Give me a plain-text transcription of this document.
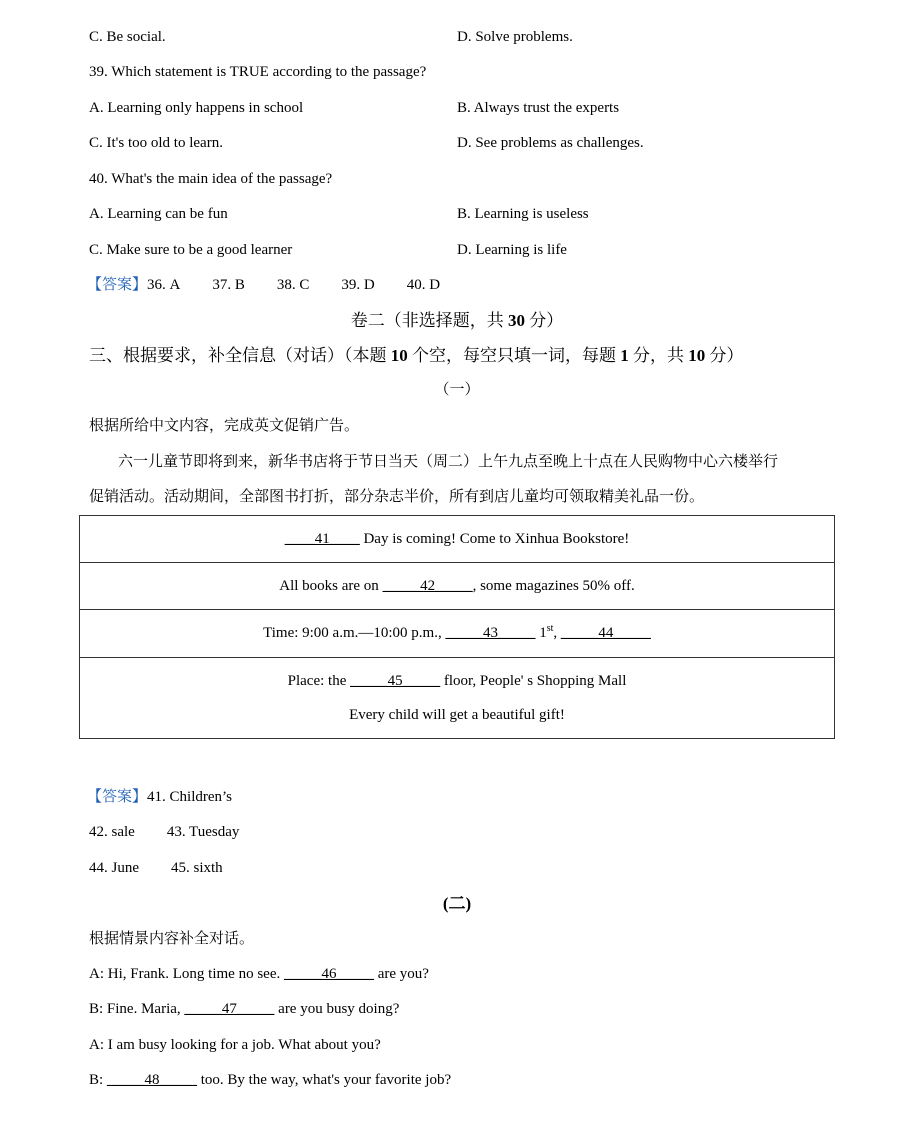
C. Be social.	D. Solve problems.
39. Which statement is TRUE according to the passage?
A. Learning only happens in school	B. Always trust the experts
C. It's too old to learn.	D. See problems as challenges.
40. What's the main idea of the passage?
A. Learning can be fun	B. Learning is useless
C. Make sure to be a good learner	D. Learning is life
【答案】36. A 37. B 38. C 39. D 40. D
卷二（非选择题，共 30 分）
三、根据要求，补全信息（对话）（本题 10 个空，每空只填一词，每题 1 分，共 10 分）
（一）
根据所给中文内容，完成英文促销广告。
六一儿童节即将到来，新华书店将于节日当天（周二）上午九点至晚上十点在人民购物中心六楼举行
促销活动。活动期间，全部图书打折，部分杂志半价，所有到店儿童均可领取精美礼品一份。
____41____ Day is coming! Come to Xinhua Bookstore!
All books are on _____42_____, some magazines 50% off.
Time: 9:00 a.m.—10:00 p.m., _____43_____ 1st, _____44_____

Place: the _____45_____ floor, People' s Shopping Mall
Every child will get a beautiful gift!
【答案】41. Children’s
42. sale 43. Tuesday
44. June 45. sixth
(二)
根据情景内容补全对话。
A: Hi, Frank. Long time no see. _____46_____ are you?
B: Fine. Maria, _____47_____ are you busy doing?
A: I am busy looking for a job. What about you?
B: _____48_____ too. By the way, what's your favorite job?
